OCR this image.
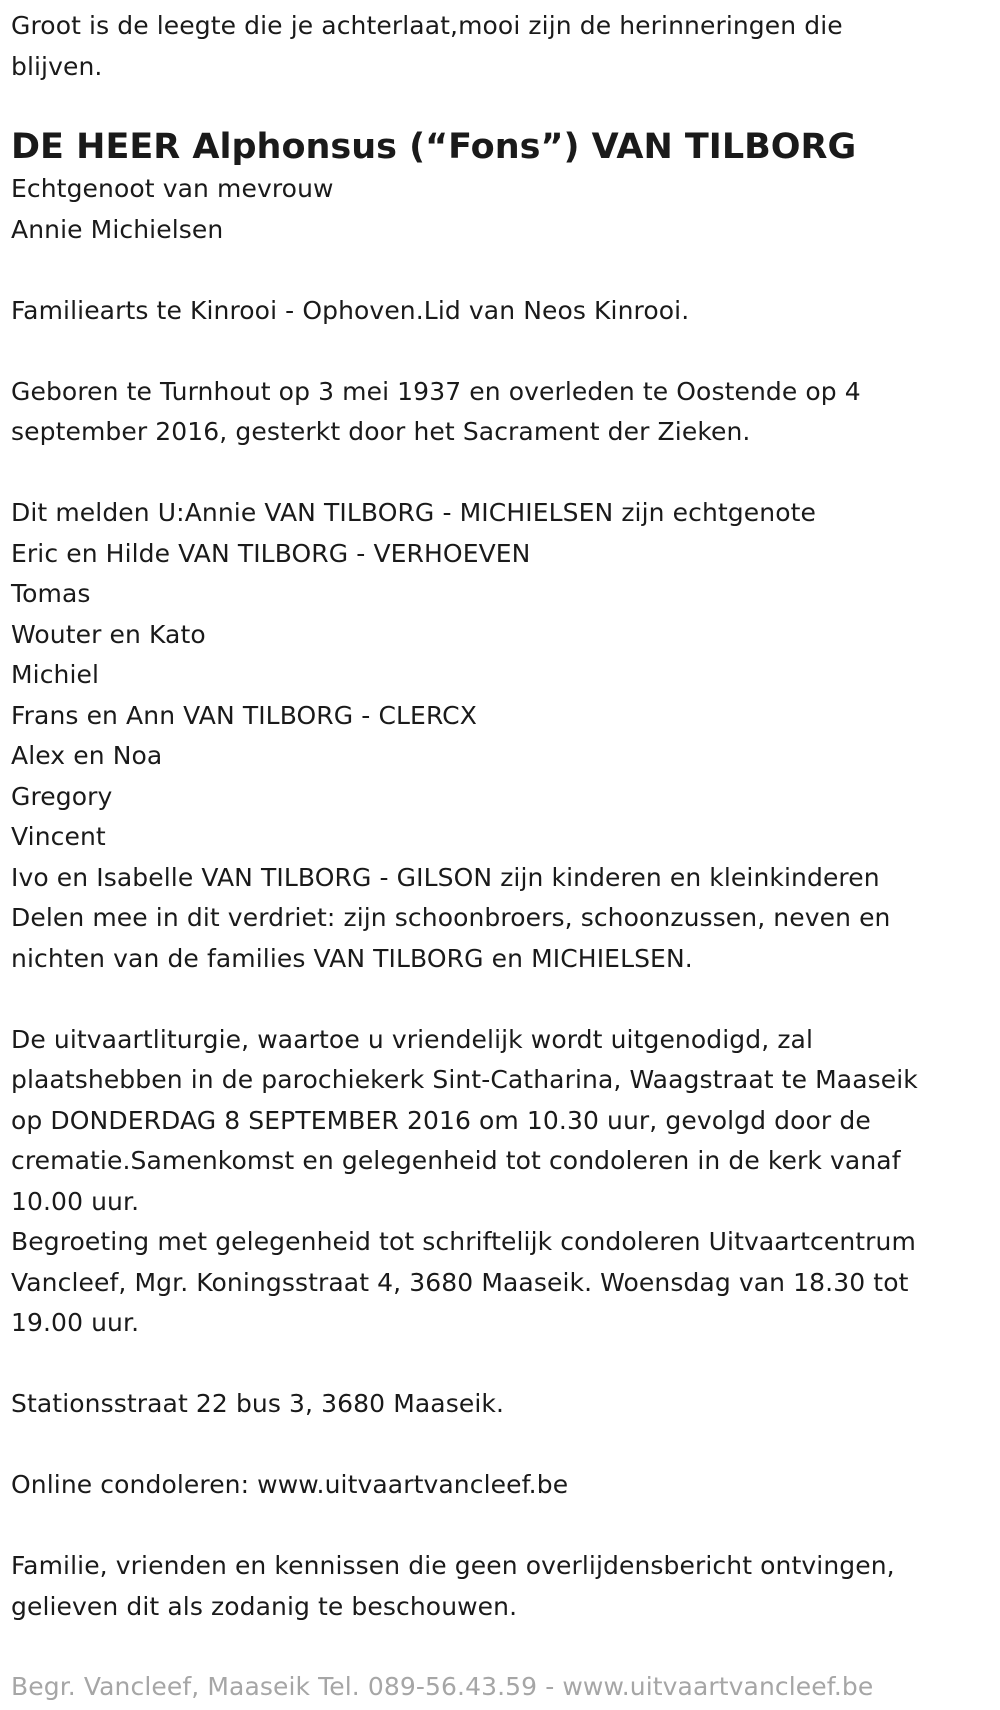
Groot is de leegte die je achterlaat,mooi zijn de herinneringen die
blijven.
DE HEER Alphonsus (“Fons”) VAN TILBORG
Echtgenoot van mevrouw
Annie Michielsen
Familiearts te Kinrooi - Ophoven.Lid van Neos Kinrooi.
Geboren te Turnhout op 3 mei 1937 en overleden te Oostende op 4
september 2016, gesterkt door het Sacrament der Zieken.
Dit melden U:Annie VAN TILBORG - MICHIELSEN zijn echtgenote
Eric en Hilde VAN TILBORG - VERHOEVEN
Tomas
Wouter en Kato
Michiel
Frans en Ann VAN TILBORG - CLERCX
Alex en Noa
Gregory
Vincent
Ivo en Isabelle VAN TILBORG - GILSON zijn kinderen en kleinkinderen
Delen mee in dit verdriet: zijn schoonbroers, schoonzussen, neven en
nichten van de families VAN TILBORG en MICHIELSEN.
De uitvaartliturgie, waartoe u vriendelijk wordt uitgenodigd, zal
plaatshebben in de parochiekerk Sint-Catharina, Waagstraat te Maaseik
op DONDERDAG 8 SEPTEMBER 2016 om 10.30 uur, gevolgd door de
crematie.Samenkomst en gelegenheid tot condoleren in de kerk vanaf
10.00 uur.
Begroeting met gelegenheid tot schriftelijk condoleren Uitvaartcentrum
Vancleef, Mgr. Koningsstraat 4, 3680 Maaseik. Woensdag van 18.30 tot
19.00 uur.
Stationsstraat 22 bus 3, 3680 Maaseik.
Online condoleren: www.uitvaartvancleef.be
Familie, vrienden en kennissen die geen overlijdensbericht ontvingen,
gelieven dit als zodanig te beschouwen.
Begr. Vancleef, Maaseik Tel. 089-56.43.59 - www.uitvaartvancleef.be
